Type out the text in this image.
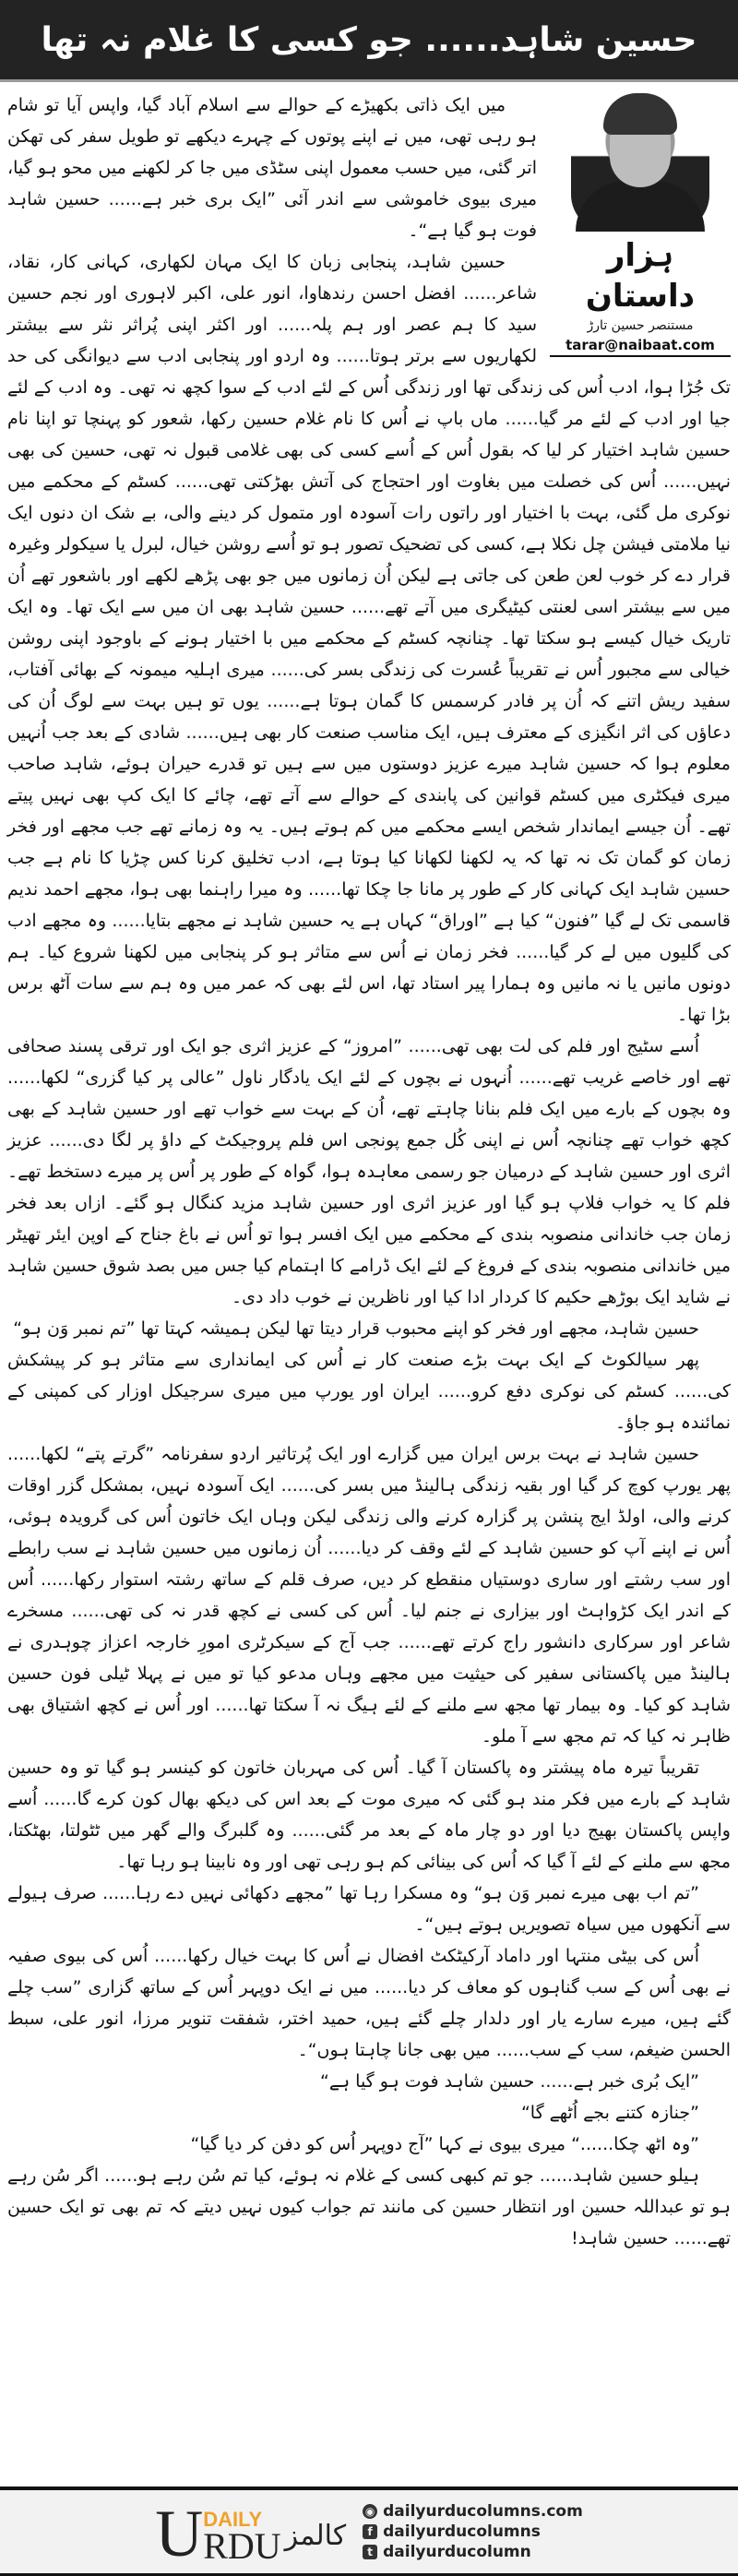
حسین شاہد...... جو کسی کا غلام نہ تھا
ہزار داستان
مستنصر حسین تارڑ
tarar@naibaat.com

میں ایک ذاتی بکھیڑے کے حوالے سے اسلام آباد گیا، واپس آیا تو شام ہو رہی تھی، میں نے اپنے پوتوں کے چہرے دیکھے تو طویل سفر کی تھکن اتر گئی، میں حسب معمول اپنی سٹڈی میں جا کر لکھنے میں محو ہو گیا، میری بیوی خاموشی سے اندر آئی ”ایک بری خبر ہے...... حسین شاہد فوت ہو گیا ہے“۔

حسین شاہد، پنجابی زبان کا ایک مہان لکھاری، کہانی کار، نقاد، شاعر...... افضل احسن رندھاوا، انور علی، اکبر لاہوری اور نجم حسین سید کا ہم عصر اور ہم پلہ...... اور اکثر اپنی پُراثر نثر سے بیشتر لکھاریوں سے برتر ہوتا...... وہ اردو اور پنجابی ادب سے دیوانگی کی حد تک جُڑا ہوا، ادب اُس کی زندگی تھا اور زندگی اُس کے لئے ادب کے سوا کچھ نہ تھی۔ وہ ادب کے لئے جیا اور ادب کے لئے مر گیا...... ماں باپ نے اُس کا نام غلام حسین رکھا، شعور کو پہنچا تو اپنا نام حسین شاہد اختیار کر لیا کہ بقول اُس کے اُسے کسی کی بھی غلامی قبول نہ تھی، حسین کی بھی نہیں...... اُس کی خصلت میں بغاوت اور احتجاج کی آتش بھڑکتی تھی...... کسٹم کے محکمے میں نوکری مل گئی، بہت با اختیار اور راتوں رات آسودہ اور متمول کر دینے والی، بے شک ان دنوں ایک نیا ملامتی فیشن چل نکلا ہے، کسی کی تضحیک تصور ہو تو اُسے روشن خیال، لبرل یا سیکولر وغیرہ قرار دے کر خوب لعن طعن کی جاتی ہے لیکن اُن زمانوں میں جو بھی پڑھے لکھے اور باشعور تھے اُن میں سے بیشتر اسی لعنتی کیٹیگری میں آتے تھے...... حسین شاہد بھی ان میں سے ایک تھا۔ وہ ایک تاریک خیال کیسے ہو سکتا تھا۔ چنانچہ کسٹم کے محکمے میں با اختیار ہونے کے باوجود اپنی روشن خیالی سے مجبور اُس نے تقریباً عُسرت کی زندگی بسر کی...... میری اہلیہ میمونہ کے بھائی آفتاب، سفید ریش اتنے کہ اُن پر فادر کرسمس کا گمان ہوتا ہے...... یوں تو ہیں بہت سے لوگ اُن کی دعاؤں کی اثر انگیزی کے معترف ہیں، ایک مناسب صنعت کار بھی ہیں...... شادی کے بعد جب اُنہیں معلوم ہوا کہ حسین شاہد میرے عزیز دوستوں میں سے ہیں تو قدرے حیران ہوئے، شاہد صاحب میری فیکٹری میں کسٹم قوانین کی پابندی کے حوالے سے آتے تھے، چائے کا ایک کپ بھی نہیں پیتے تھے۔ اُن جیسے ایماندار شخص ایسے محکمے میں کم ہوتے ہیں۔ یہ وہ زمانے تھے جب مجھے اور فخر زمان کو گمان تک نہ تھا کہ یہ لکھنا لکھانا کیا ہوتا ہے، ادب تخلیق کرنا کس چڑیا کا نام ہے جب حسین شاہد ایک کہانی کار کے طور پر مانا جا چکا تھا...... وہ میرا راہنما بھی ہوا، مجھے احمد ندیم قاسمی تک لے گیا ”فنون“ کیا ہے ”اوراق“ کہاں ہے یہ حسین شاہد نے مجھے بتایا...... وہ مجھے ادب کی گلیوں میں لے کر گیا...... فخر زمان نے اُس سے متاثر ہو کر پنجابی میں لکھنا شروع کیا۔ ہم دونوں مانیں یا نہ مانیں وہ ہمارا پیر استاد تھا، اس لئے بھی کہ عمر میں وہ ہم سے سات آٹھ برس بڑا تھا۔

اُسے سٹیج اور فلم کی لت بھی تھی...... ”امروز“ کے عزیز اثری جو ایک اور ترقی پسند صحافی تھے اور خاصے غریب تھے...... اُنہوں نے بچوں کے لئے ایک یادگار ناول ”عالی پر کیا گزری“ لکھا...... وہ بچوں کے بارے میں ایک فلم بنانا چاہتے تھے، اُن کے بہت سے خواب تھے اور حسین شاہد کے بھی کچھ خواب تھے چنانچہ اُس نے اپنی کُل جمع پونجی اس فلم پروجیکٹ کے داؤ پر لگا دی...... عزیز اثری اور حسین شاہد کے درمیان جو رسمی معاہدہ ہوا، گواہ کے طور پر اُس پر میرے دستخط تھے۔ فلم کا یہ خواب فلاپ ہو گیا اور عزیز اثری اور حسین شاہد مزید کنگال ہو گئے۔ ازاں بعد فخر زمان جب خاندانی منصوبہ بندی کے محکمے میں ایک افسر ہوا تو اُس نے باغ جناح کے اوپن ایئر تھیٹر میں خاندانی منصوبہ بندی کے فروغ کے لئے ایک ڈرامے کا اہتمام کیا جس میں بصد شوق حسین شاہد نے شاید ایک بوڑھے حکیم کا کردار ادا کیا اور ناظرین نے خوب داد دی۔

حسین شاہد، مجھے اور فخر کو اپنے محبوب قرار دیتا تھا لیکن ہمیشہ کہتا تھا ”تم نمبر وَن ہو“

پھر سیالکوٹ کے ایک بہت بڑے صنعت کار نے اُس کی ایمانداری سے متاثر ہو کر پیشکش کی...... کسٹم کی نوکری دفع کرو...... ایران اور یورپ میں میری سرجیکل اوزار کی کمپنی کے نمائندہ ہو جاؤ۔

حسین شاہد نے بہت برس ایران میں گزارے اور ایک پُرتاثیر اردو سفرنامہ ”گرتے پتے“ لکھا...... پھر یورپ کوچ کر گیا اور بقیہ زندگی ہالینڈ میں بسر کی...... ایک آسودہ نہیں، بمشکل گزر اوقات کرنے والی، اولڈ ایج پنشن پر گزارہ کرنے والی زندگی لیکن وہاں ایک خاتون اُس کی گرویدہ ہوئی، اُس نے اپنے آپ کو حسین شاہد کے لئے وقف کر دیا...... اُن زمانوں میں حسین شاہد نے سب رابطے اور سب رشتے اور ساری دوستیاں منقطع کر دیں، صرف قلم کے ساتھ رشتہ استوار رکھا...... اُس کے اندر ایک کڑواہٹ اور بیزاری نے جنم لیا۔ اُس کی کسی نے کچھ قدر نہ کی تھی...... مسخرے شاعر اور سرکاری دانشور راج کرتے تھے...... جب آج کے سیکرٹری امورِ خارجہ اعزاز چوہدری نے ہالینڈ میں پاکستانی سفیر کی حیثیت میں مجھے وہاں مدعو کیا تو میں نے پہلا ٹیلی فون حسین شاہد کو کیا۔ وہ بیمار تھا مجھ سے ملنے کے لئے ہیگ نہ آ سکتا تھا...... اور اُس نے کچھ اشتیاق بھی ظاہر نہ کیا کہ تم مجھ سے آ ملو۔

تقریباً تیرہ ماہ پیشتر وہ پاکستان آ گیا۔ اُس کی مہربان خاتون کو کینسر ہو گیا تو وہ حسین شاہد کے بارے میں فکر مند ہو گئی کہ میری موت کے بعد اس کی دیکھ بھال کون کرے گا...... اُسے واپس پاکستان بھیج دیا اور دو چار ماہ کے بعد مر گئی...... وہ گلبرگ والے گھر میں ٹٹولتا، بھٹکتا، مجھ سے ملنے کے لئے آ گیا کہ اُس کی بینائی کم ہو رہی تھی اور وہ نابینا ہو رہا تھا۔

”تم اب بھی میرے نمبر وَن ہو“ وہ مسکرا رہا تھا ”مجھے دکھائی نہیں دے رہا...... صرف ہیولے سے آنکھوں میں سیاہ تصویریں ہوتے ہیں“۔

اُس کی بیٹی منتہا اور داماد آرکیٹکٹ افضال نے اُس کا بہت خیال رکھا...... اُس کی بیوی صفیہ نے بھی اُس کے سب گناہوں کو معاف کر دیا...... میں نے ایک دوپہر اُس کے ساتھ گزاری ”سب چلے گئے ہیں، میرے سارے یار اور دلدار چلے گئے ہیں، حمید اختر، شفقت تنویر مرزا، انور علی، سبط الحسن ضیغم، سب کے سب...... میں بھی جانا چاہتا ہوں“۔

”ایک بُری خبر ہے...... حسین شاہد فوت ہو گیا ہے“

”جنازہ کتنے بجے اُٹھے گا“

”وہ اٹھ چکا......“ میری بیوی نے کہا ”آج دوپہر اُس کو دفن کر دیا گیا“

ہیلو حسین شاہد...... جو تم کبھی کسی کے غلام نہ ہوئے، کیا تم سُن رہے ہو...... اگر سُن رہے ہو تو عبداللہ حسین اور انتظار حسین کی مانند تم جواب کیوں نہیں دیتے کہ تم بھی تو ایک حسین تھے...... حسین شاہد!

U DAILY
RDU کالمز
◉ dailyurducolumns.com
f dailyurducolumns
t dailyurducolumn
